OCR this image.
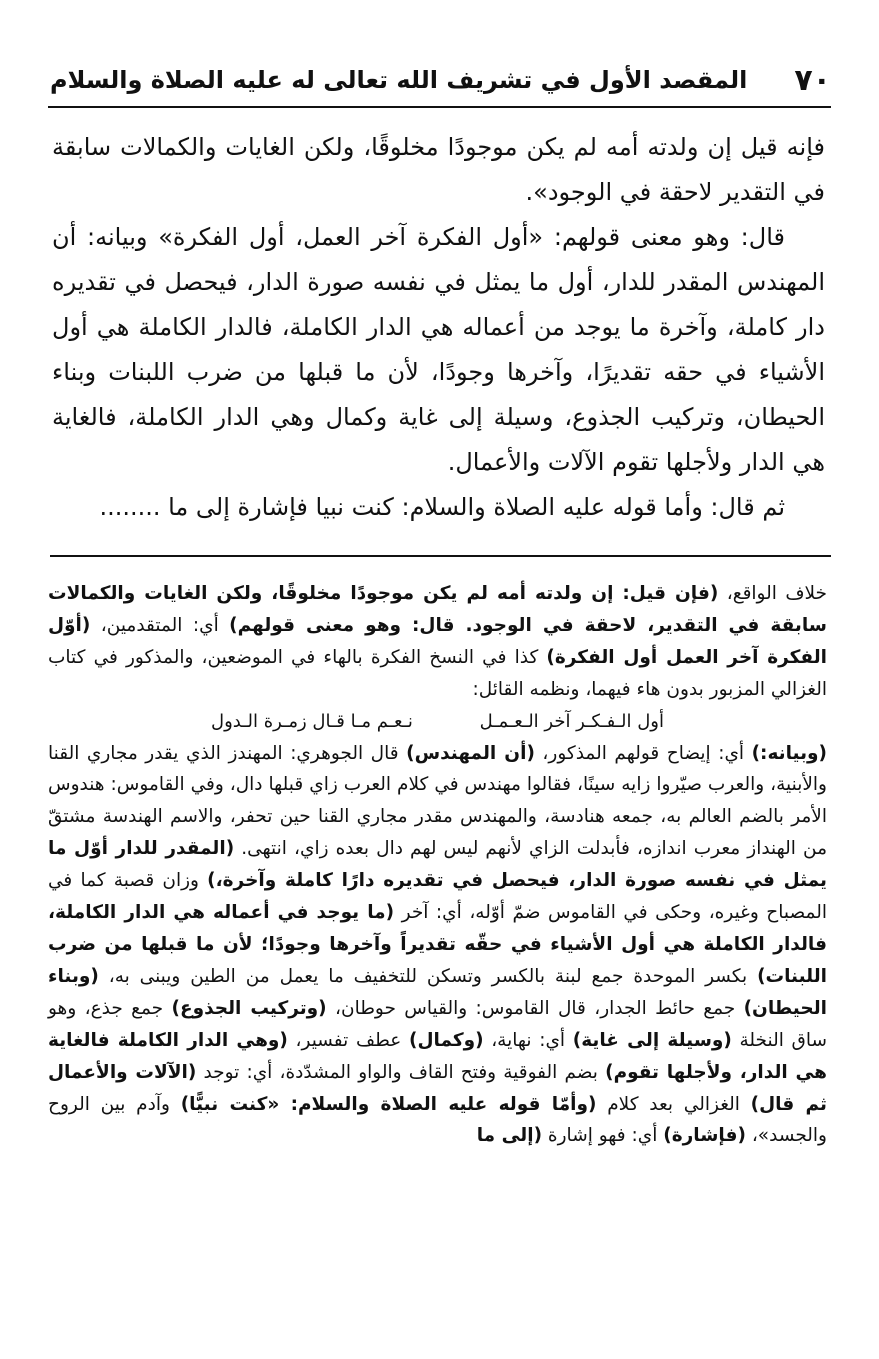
٧٠
المقصد الأول في تشريف الله تعالى له عليه الصلاة والسلام

فإنه قيل إن ولدته أمه لم يكن موجودًا مخلوقًا، ولكن الغايات والكمالات سابقة في التقدير لاحقة في الوجود».

قال: وهو معنى قولهم: «أول الفكرة آخر العمل، أول الفكرة» وبيانه: أن المهندس المقدر للدار، أول ما يمثل في نفسه صورة الدار، فيحصل في تقديره دار كاملة، وآخرة ما يوجد من أعماله هي الدار الكاملة، فالدار الكاملة هي أول الأشياء في حقه تقديرًا، وآخرها وجودًا، لأن ما قبلها من ضرب اللبنات وبناء الحيطان، وتركيب الجذوع، وسيلة إلى غاية وكمال وهي الدار الكاملة، فالغاية هي الدار ولأجلها تقوم الآلات والأعمال.

ثم قال: وأما قوله عليه الصلاة والسلام: كنت نبيا فإشارة إلى ما ........

خلاف الواقع، (فإن قيل: إن ولدته أمه لم يكن موجودًا مخلوقًا، ولكن الغايات والكمالات سابقة في التقدير، لاحقة في الوجود. قال: وهو معنى قولهم) أي: المتقدمين، (أوّل الفكرة آخر العمل أول الفكرة) كذا في النسخ الفكرة بالهاء في الموضعين، والمذكور في كتاب الغزالي المزبور بدون هاء فيهما، ونظمه القائل:

أول الـفـكـر آخر الـعـمـل نـعـم مـا قـال زمـرة الـدول

(وبيانه:) أي: إيضاح قولهم المذكور، (أن المهندس) قال الجوهري: المهندز الذي يقدر مجاري القنا والأبنية، والعرب صيّروا زايه سينًا، فقالوا مهندس في كلام العرب زاي قبلها دال، وفي القاموس: هندوس الأمر بالضم العالم به، جمعه هنادسة، والمهندس مقدر مجاري القنا حين تحفر، والاسم الهندسة مشتقّ من الهنداز معرب اندازه، فأبدلت الزاي لأنهم ليس لهم دال بعده زاي، انتهى. (المقدر للدار أوّل ما يمثل في نفسه صورة الدار، فيحصل في تقديره دارًا كاملة وآخرة،) وزان قصبة كما في المصباح وغيره، وحكى في القاموس ضمّ أوّله، أي: آخر (ما يوجد في أعماله هي الدار الكاملة، فالدار الكاملة هي أول الأشياء في حقّه تقديراً وآخرها وجودًا؛ لأن ما قبلها من ضرب اللبنات) بكسر الموحدة جمع لبنة بالكسر وتسكن للتخفيف ما يعمل من الطين ويبنى به، (وبناء الحيطان) جمع حائط الجدار، قال القاموس: والقياس حوطان، (وتركيب الجذوع) جمع جذع، وهو ساق النخلة (وسيلة إلى غاية) أي: نهاية، (وكمال) عطف تفسير، (وهي الدار الكاملة فالغاية هي الدار، ولأجلها تقوم) بضم الفوقية وفتح القاف والواو المشدّدة، أي: توجد (الآلات والأعمال ثم قال) الغزالي بعد كلام (وأمّا قوله عليه الصلاة والسلام: «كنت نبيًّا) وآدم بين الروح والجسد»، (فإشارة) أي: فهو إشارة (إلى ما
